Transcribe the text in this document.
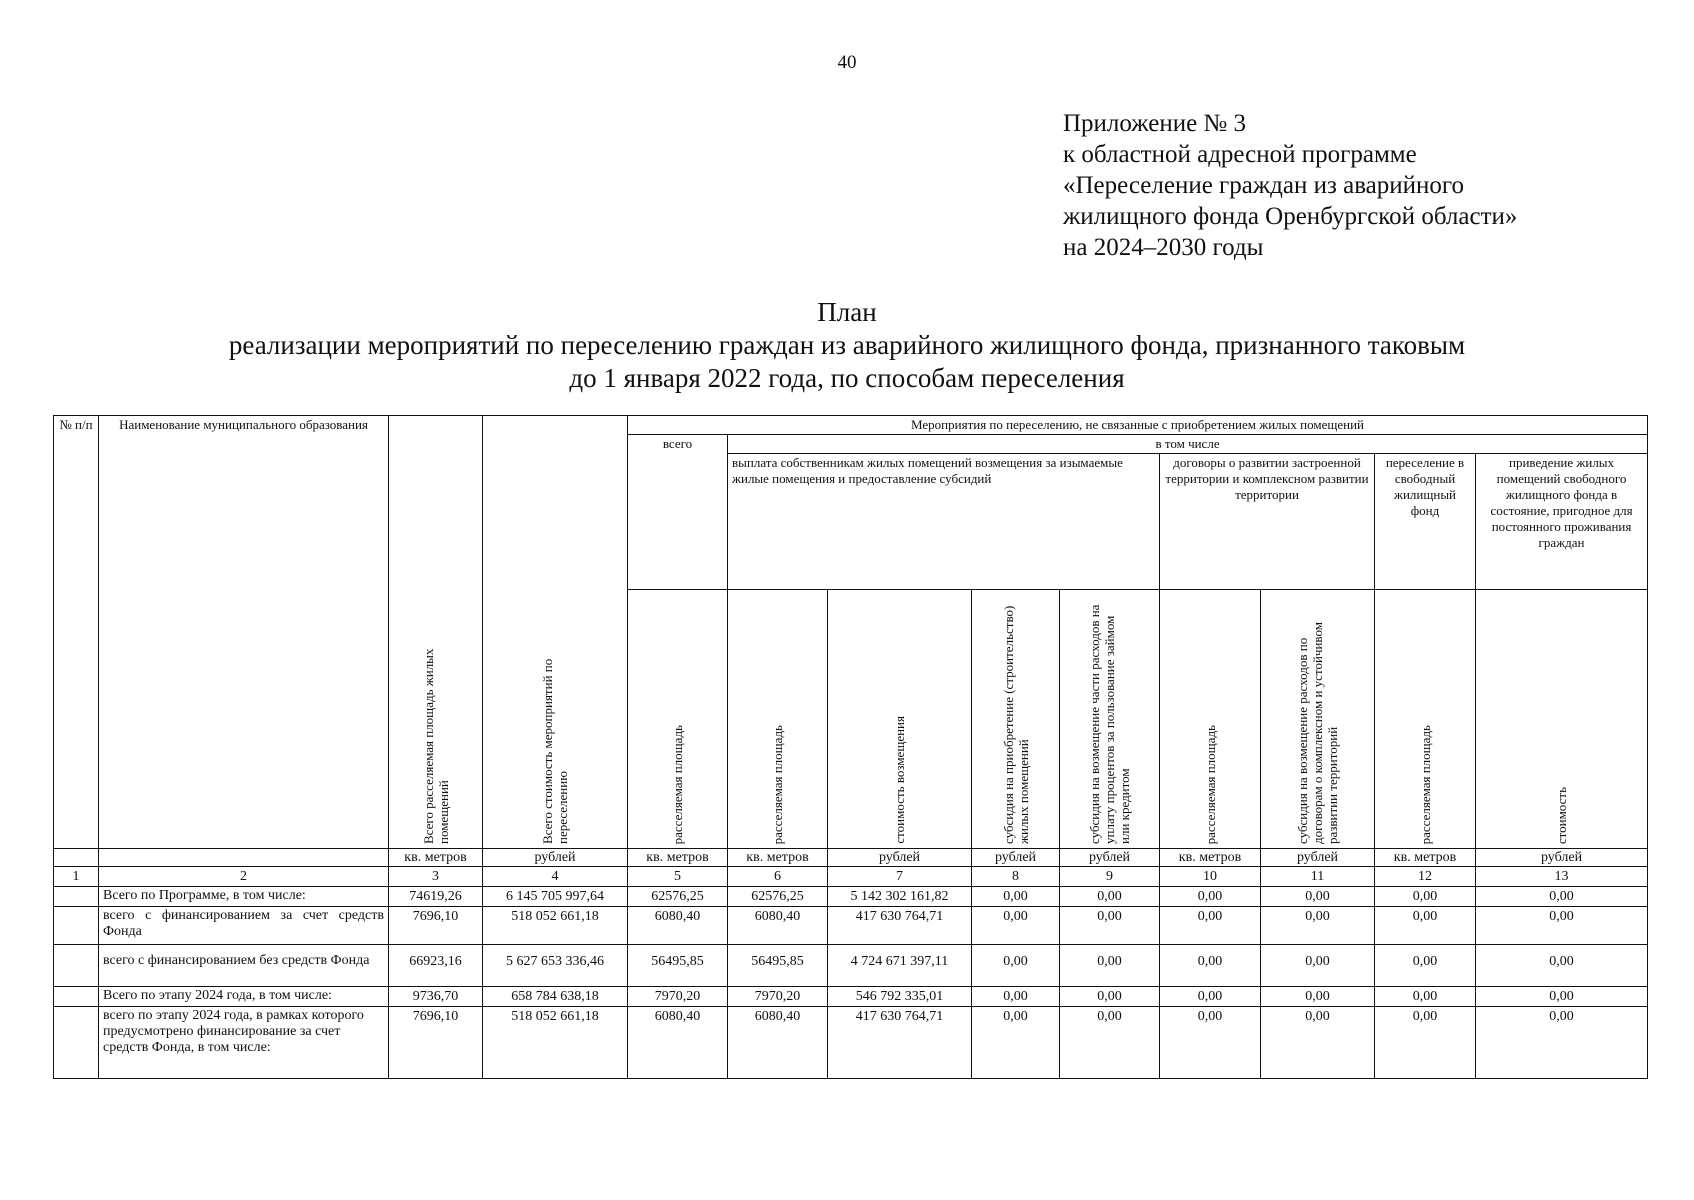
40
Приложение № 3
к областной адресной программе
«Переселение граждан из аварийного
жилищного фонда Оренбургской области»
на 2024–2030 годы
План
реализации мероприятий по переселению граждан из аварийного жилищного фонда, признанного таковым
до 1 января 2022 года, по способам переселения
№ п/п	Наименование муниципального образования	Всего расселяемая площадь жилых помещений	Всего стоимость мероприятий по переселению	Мероприятия по переселению, не связанные с приобретением жилых помещений								
				всего	в том числе							
					выплата собственникам жилых помещений возмещения за изымаемые жилые помещения и предоставление субсидий				договоры о развитии застроенной территории и комплексном развитии территории		переселение в свободный жилищный фонд	приведение жилых помещений свободного жилищного фонда в состояние, пригодное для постоянного проживания граждан

				расселяемая площадь	расселяемая площадь	стоимость возмещения	субсидия на приобретение (строительство) жилых помещений	субсидия на возмещение части расходов на уплату процентов за пользование займом или кредитом	расселяемая площадь	субсидия на возмещение расходов по договорам о комплексном и устойчивом развитии территорий	расселяемая площадь	стоимость

		кв. метров	рублей	кв. метров	кв. метров	рублей	рублей	рублей	кв. метров	рублей	кв. метров	рублей
1	2	3	4	5	6	7	8	9	10	11	12	13
	Всего по Программе, в том числе:	74619,26	6 145 705 997,64	62576,25	62576,25	5 142 302 161,82	0,00	0,00	0,00	0,00	0,00	0,00
	всего с финансированием за счет средств Фонда	7696,10	518 052 661,18	6080,40	6080,40	417 630 764,71	0,00	0,00	0,00	0,00	0,00	0,00
	всего с финансированием без средств Фонда	66923,16	5 627 653 336,46	56495,85	56495,85	4 724 671 397,11	0,00	0,00	0,00	0,00	0,00	0,00
	Всего по этапу 2024 года, в том числе:	9736,70	658 784 638,18	7970,20	7970,20	546 792 335,01	0,00	0,00	0,00	0,00	0,00	0,00
	всего по этапу 2024 года, в рамках которого предусмотрено финансирование за счет средств Фонда, в том числе:	7696,10	518 052 661,18	6080,40	6080,40	417 630 764,71	0,00	0,00	0,00	0,00	0,00	0,00
